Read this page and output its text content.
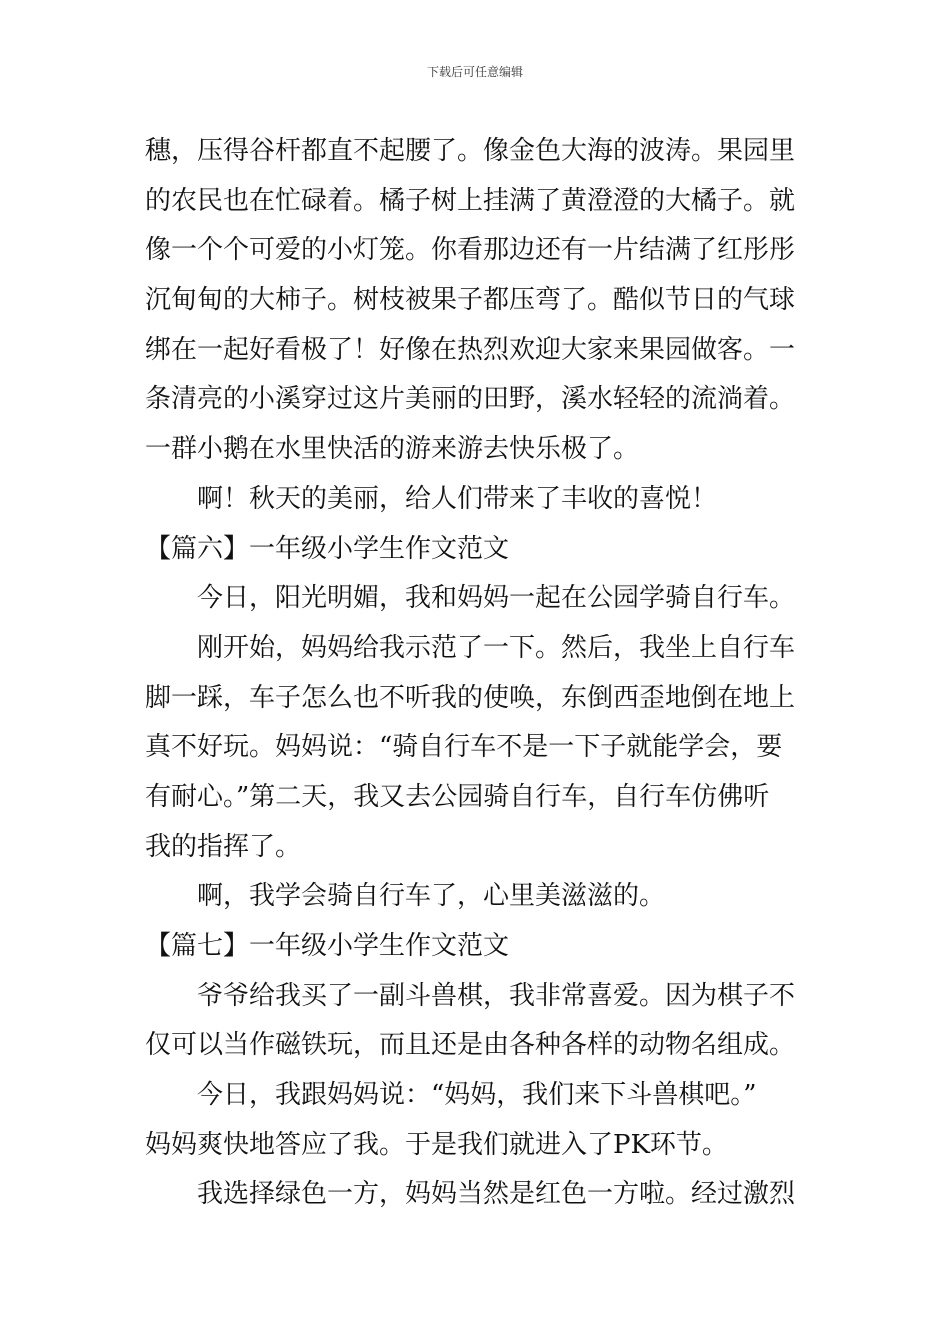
下载后可任意编辑
穗，压得谷杆都直不起腰了。像金色大海的波涛。果园里
的农民也在忙碌着。橘子树上挂满了黄澄澄的大橘子。就
像一个个可爱的小灯笼。你看那边还有一片结满了红彤彤
沉甸甸的大柿子。树枝被果子都压弯了。酷似节日的气球
绑在一起好看极了！好像在热烈欢迎大家来果园做客。一
条清亮的小溪穿过这片美丽的田野，溪水轻轻的流淌着。
一群小鹅在水里快活的游来游去快乐极了。
啊！秋天的美丽，给人们带来了丰收的喜悦！
【篇六】一年级小学生作文范文
今日，阳光明媚，我和妈妈一起在公园学骑自行车。
刚开始，妈妈给我示范了一下。然后，我坐上自行车
脚一踩，车子怎么也不听我的使唤，东倒西歪地倒在地上
真不好玩。妈妈说：“骑自行车不是一下子就能学会，要
有耐心。”第二天，我又去公园骑自行车，自行车仿佛听
我的指挥了。
啊，我学会骑自行车了，心里美滋滋的。
【篇七】一年级小学生作文范文
爷爷给我买了一副斗兽棋，我非常喜爱。因为棋子不
仅可以当作磁铁玩，而且还是由各种各样的动物名组成。
今日，我跟妈妈说：“妈妈，我们来下斗兽棋吧。”
妈妈爽快地答应了我。于是我们就进入了PK环节。
我选择绿色一方，妈妈当然是红色一方啦。经过激烈
